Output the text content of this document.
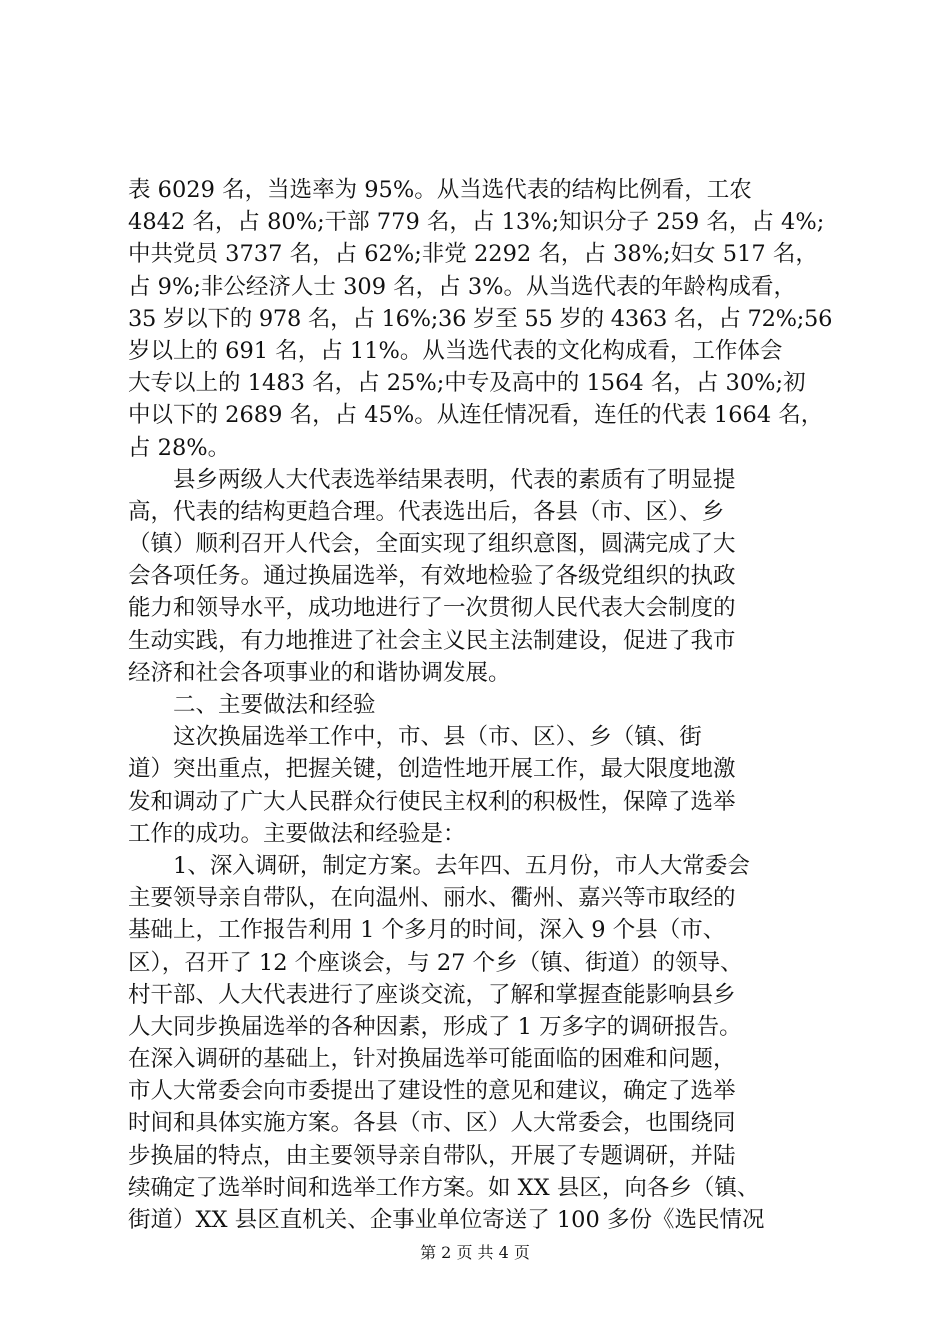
表 6029 名，当选率为 95%。从当选代表的结构比例看，工农
4842 名，占 80%;干部 779 名，占 13%;知识分子 259 名，占 4%;
中共党员 3737 名，占 62%;非党 2292 名，占 38%;妇女 517 名，
占 9%;非公经济人士 309 名，占 3%。从当选代表的年龄构成看，
35 岁以下的 978 名，占 16%;36 岁至 55 岁的 4363 名，占 72%;56
岁以上的 691 名，占 11%。从当选代表的文化构成看，工作体会
大专以上的 1483 名，占 25%;中专及高中的 1564 名，占 30%;初
中以下的 2689 名，占 45%。从连任情况看，连任的代表 1664 名，
占 28%。
　　县乡两级人大代表选举结果表明，代表的素质有了明显提
高，代表的结构更趋合理。代表选出后，各县（市、区）、乡
（镇）顺利召开人代会，全面实现了组织意图，圆满完成了大
会各项任务。通过换届选举，有效地检验了各级党组织的执政
能力和领导水平，成功地进行了一次贯彻人民代表大会制度的
生动实践，有力地推进了社会主义民主法制建设，促进了我市
经济和社会各项事业的和谐协调发展。
　　二、主要做法和经验
　　这次换届选举工作中，市、县（市、区）、乡（镇、街
道）突出重点，把握关键，创造性地开展工作，最大限度地激
发和调动了广大人民群众行使民主权利的积极性，保障了选举
工作的成功。主要做法和经验是：
　　1、深入调研，制定方案。去年四、五月份，市人大常委会
主要领导亲自带队，在向温州、丽水、衢州、嘉兴等市取经的
基础上，工作报告利用 1 个多月的时间，深入 9 个县（市、
区），召开了 12 个座谈会，与 27 个乡（镇、街道）的领导、
村干部、人大代表进行了座谈交流，了解和掌握查能影响县乡
人大同步换届选举的各种因素，形成了 1 万多字的调研报告。
在深入调研的基础上，针对换届选举可能面临的困难和问题，
市人大常委会向市委提出了建设性的意见和建议，确定了选举
时间和具体实施方案。各县（市、区）人大常委会，也围绕同
步换届的特点，由主要领导亲自带队，开展了专题调研，并陆
续确定了选举时间和选举工作方案。如 XX 县区，向各乡（镇、
街道）XX 县区直机关、企事业单位寄送了 100 多份《选民情况
第 2 页 共 4 页
